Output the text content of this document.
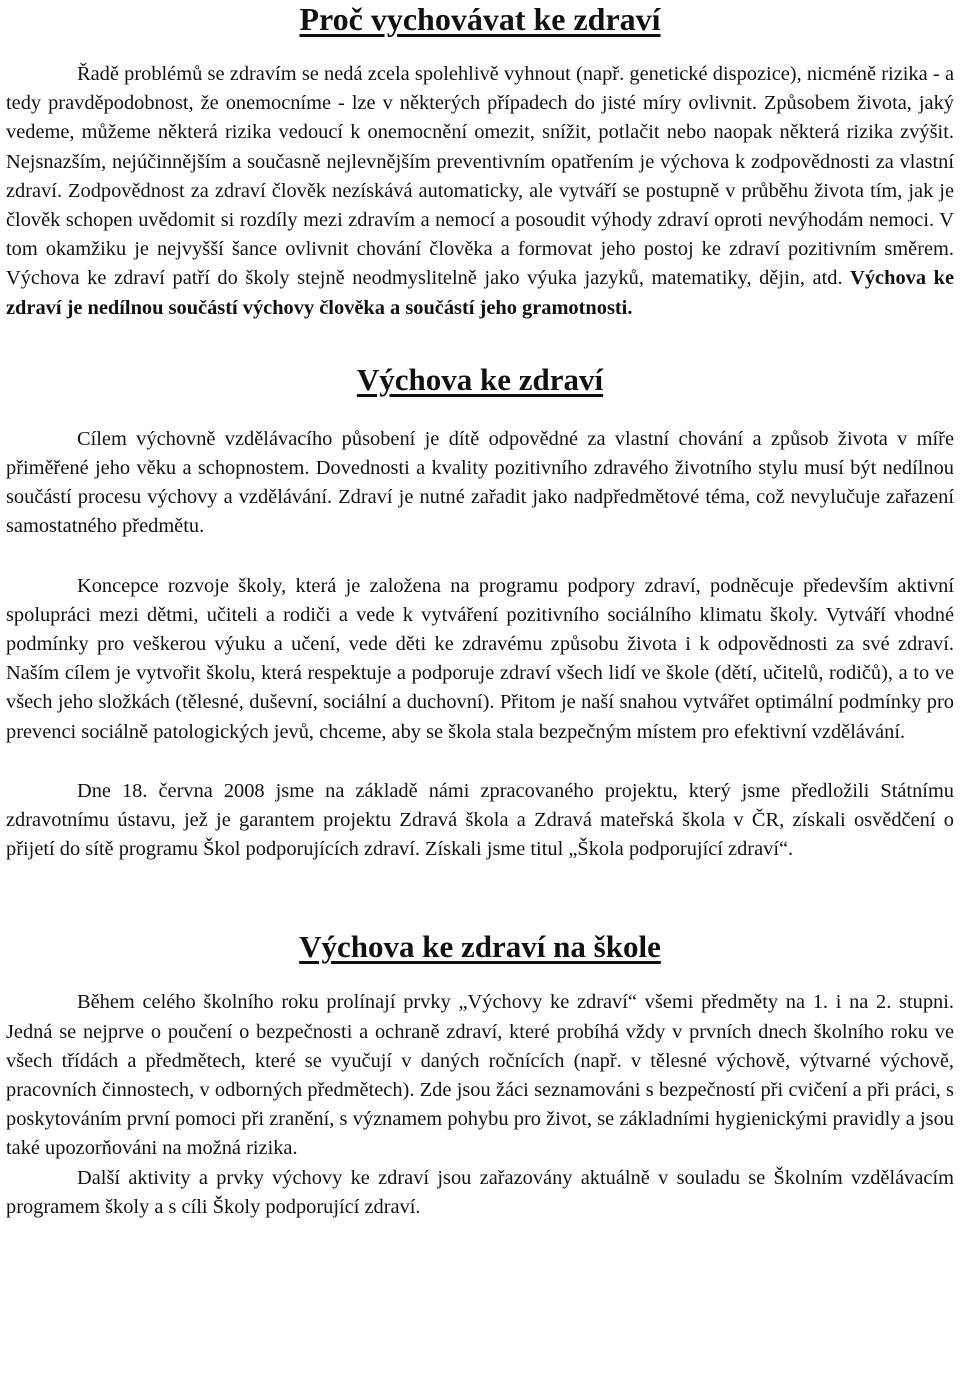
Proč vychovávat ke zdraví

Řadě problémů se zdravím se nedá zcela spolehlivě vyhnout (např. genetické dispozice), nicméně rizika - a tedy pravděpodobnost, že onemocníme - lze v některých případech do jisté míry ovlivnit. Způsobem života, jaký vedeme, můžeme některá rizika vedoucí k onemocnění omezit, snížit, potlačit nebo naopak některá rizika zvýšit. Nejsnazším, nejúčinnějším a současně nejlevnějším preventivním opatřením je výchova k zodpovědnosti za vlastní zdraví. Zodpovědnost za zdraví člověk nezískává automaticky, ale vytváří se postupně v průběhu života tím, jak je člověk schopen uvědomit si rozdíly mezi zdravím a nemocí a posoudit výhody zdraví oproti nevýhodám nemoci. V tom okamžiku je nejvyšší šance ovlivnit chování člověka a formovat jeho postoj ke zdraví pozitivním směrem. Výchova ke zdraví patří do školy stejně neodmyslitelně jako výuka jazyků, matematiky, dějin, atd. Výchova ke zdraví je nedílnou součástí výchovy člověka a součástí jeho gramotnosti.

Výchova ke zdraví

Cílem výchovně vzdělávacího působení je dítě odpovědné za vlastní chování a způsob života v míře přiměřené jeho věku a schopnostem. Dovednosti a kvality pozitivního zdravého životního stylu musí být nedílnou součástí procesu výchovy a vzdělávání. Zdraví je nutné zařadit jako nadpředmětové téma, což nevylučuje zařazení samostatného předmětu.

Koncepce rozvoje školy, která je založena na programu podpory zdraví, podněcuje především aktivní spolupráci mezi dětmi, učiteli a rodiči a vede k vytváření pozitivního sociálního klimatu školy. Vytváří vhodné podmínky pro veškerou výuku a učení, vede děti ke zdravému způsobu života i k odpovědnosti za své zdraví. Naším cílem je vytvořit školu, která respektuje a podporuje zdraví všech lidí ve škole (dětí, učitelů, rodičů), a to ve všech jeho složkách (tělesné, duševní, sociální a duchovní). Přitom je naší snahou vytvářet optimální podmínky pro prevenci sociálně patologických jevů, chceme, aby se škola stala bezpečným místem pro efektivní vzdělávání.

Dne 18. června 2008 jsme na základě námi zpracovaného projektu, který jsme předložili Státnímu zdravotnímu ústavu, jež je garantem projektu Zdravá škola a Zdravá mateřská škola v ČR, získali osvědčení o přijetí do sítě programu Škol podporujících zdraví. Získali jsme titul „Škola podporující zdraví“.

Výchova ke zdraví na škole

Během celého školního roku prolínají prvky „Výchovy ke zdraví“ všemi předměty na 1. i na 2. stupni. Jedná se nejprve o poučení o bezpečnosti a ochraně zdraví, které probíhá vždy v prvních dnech školního roku ve všech třídách a předmětech, které se vyučují v daných ročnících (např. v tělesné výchově, výtvarné výchově, pracovních činnostech, v odborných předmětech). Zde jsou žáci seznamováni s bezpečností při cvičení a při práci, s poskytováním první pomoci při zranění, s významem pohybu pro život, se základními hygienickými pravidly a jsou také upozorňováni na možná rizika.

Další aktivity a prvky výchovy ke zdraví jsou zařazovány aktuálně v souladu se Školním vzdělávacím programem školy a s cíli Školy podporující zdraví.
